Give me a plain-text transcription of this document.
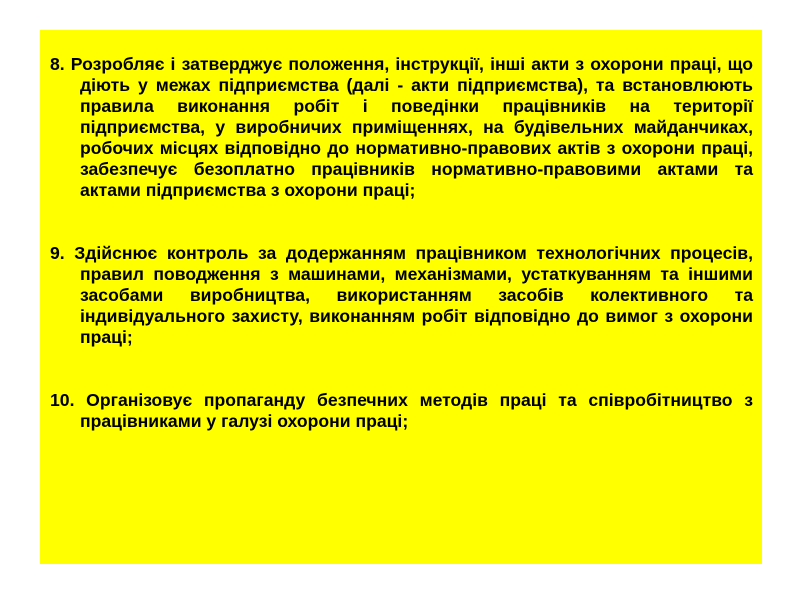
8. Розробляє і затверджує положення, інструкції, інші акти з охорони праці, що діють у межах підприємства (далі - акти підприємства), та встановлюють правила виконання робіт і поведінки працівників на території підприємства, у виробничих приміщеннях, на будівельних майданчиках, робочих місцях відповідно до нормативно-правових актів з охорони праці, забезпечує безоплатно працівників нормативно-правовими актами та актами підприємства з охорони праці;

9. Здійснює контроль за додержанням працівником технологічних процесів, правил поводження з машинами, механізмами, устаткуванням та іншими засобами виробництва, використанням засобів колективного та індивідуального захисту, виконанням робіт відповідно до вимог з охорони праці;

10. Організовує пропаганду безпечних методів праці та співробітництво з працівниками у галузі охорони праці;
